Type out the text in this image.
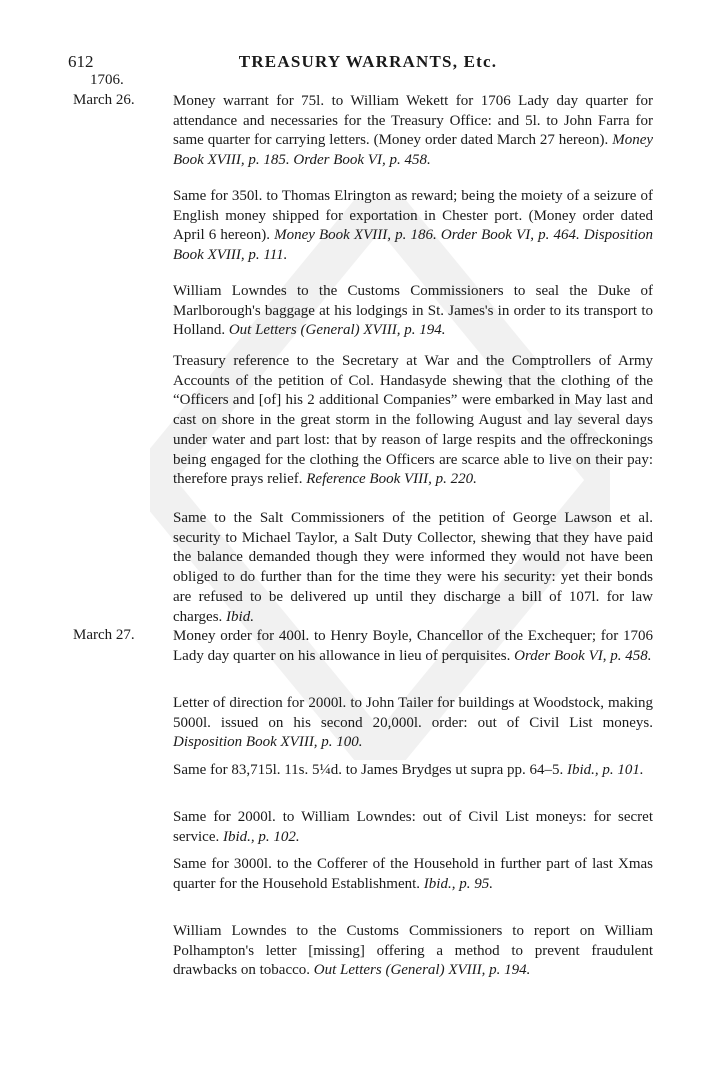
612	TREASURY WARRANTS, Etc.
1706.
March 26.	Money warrant for 75l. to William Wekett for 1706 Lady day quarter for attendance and necessaries for the Treasury Office: and 5l. to John Farra for same quarter for carrying letters. (Money order dated March 27 hereon). Money Book XVIII, p. 185. Order Book VI, p. 458.
Same for 350l. to Thomas Elrington as reward; being the moiety of a seizure of English money shipped for exportation in Chester port. (Money order dated April 6 hereon). Money Book XVIII, p. 186. Order Book VI, p. 464. Disposition Book XVIII, p. 111.
William Lowndes to the Customs Commissioners to seal the Duke of Marlborough's baggage at his lodgings in St. James's in order to its transport to Holland. Out Letters (General) XVIII, p. 194.
Treasury reference to the Secretary at War and the Comptrollers of Army Accounts of the petition of Col. Handasyde shewing that the clothing of the “Officers and [of] his 2 additional Companies” were embarked in May last and cast on shore in the great storm in the following August and lay several days under water and part lost: that by reason of large respits and the offreckonings being engaged for the clothing the Officers are scarce able to live on their pay: therefore prays relief. Reference Book VIII, p. 220.
Same to the Salt Commissioners of the petition of George Lawson et al. security to Michael Taylor, a Salt Duty Collector, shewing that they have paid the balance demanded though they were informed they would not have been obliged to do further than for the time they were his security: yet their bonds are refused to be delivered up until they discharge a bill of 107l. for law charges. Ibid.
March 27.	Money order for 400l. to Henry Boyle, Chancellor of the Exchequer; for 1706 Lady day quarter on his allowance in lieu of perquisites. Order Book VI, p. 458.
Letter of direction for 2000l. to John Tailer for buildings at Woodstock, making 5000l. issued on his second 20,000l. order: out of Civil List moneys. Disposition Book XVIII, p. 100.
Same for 83,715l. 11s. 5¼d. to James Brydges ut supra pp. 64–5. Ibid., p. 101.
Same for 2000l. to William Lowndes: out of Civil List moneys: for secret service. Ibid., p. 102.
Same for 3000l. to the Cofferer of the Household in further part of last Xmas quarter for the Household Establishment. Ibid., p. 95.
William Lowndes to the Customs Commissioners to report on William Polhampton's letter [missing] offering a method to prevent fraudulent drawbacks on tobacco. Out Letters (General) XVIII, p. 194.
